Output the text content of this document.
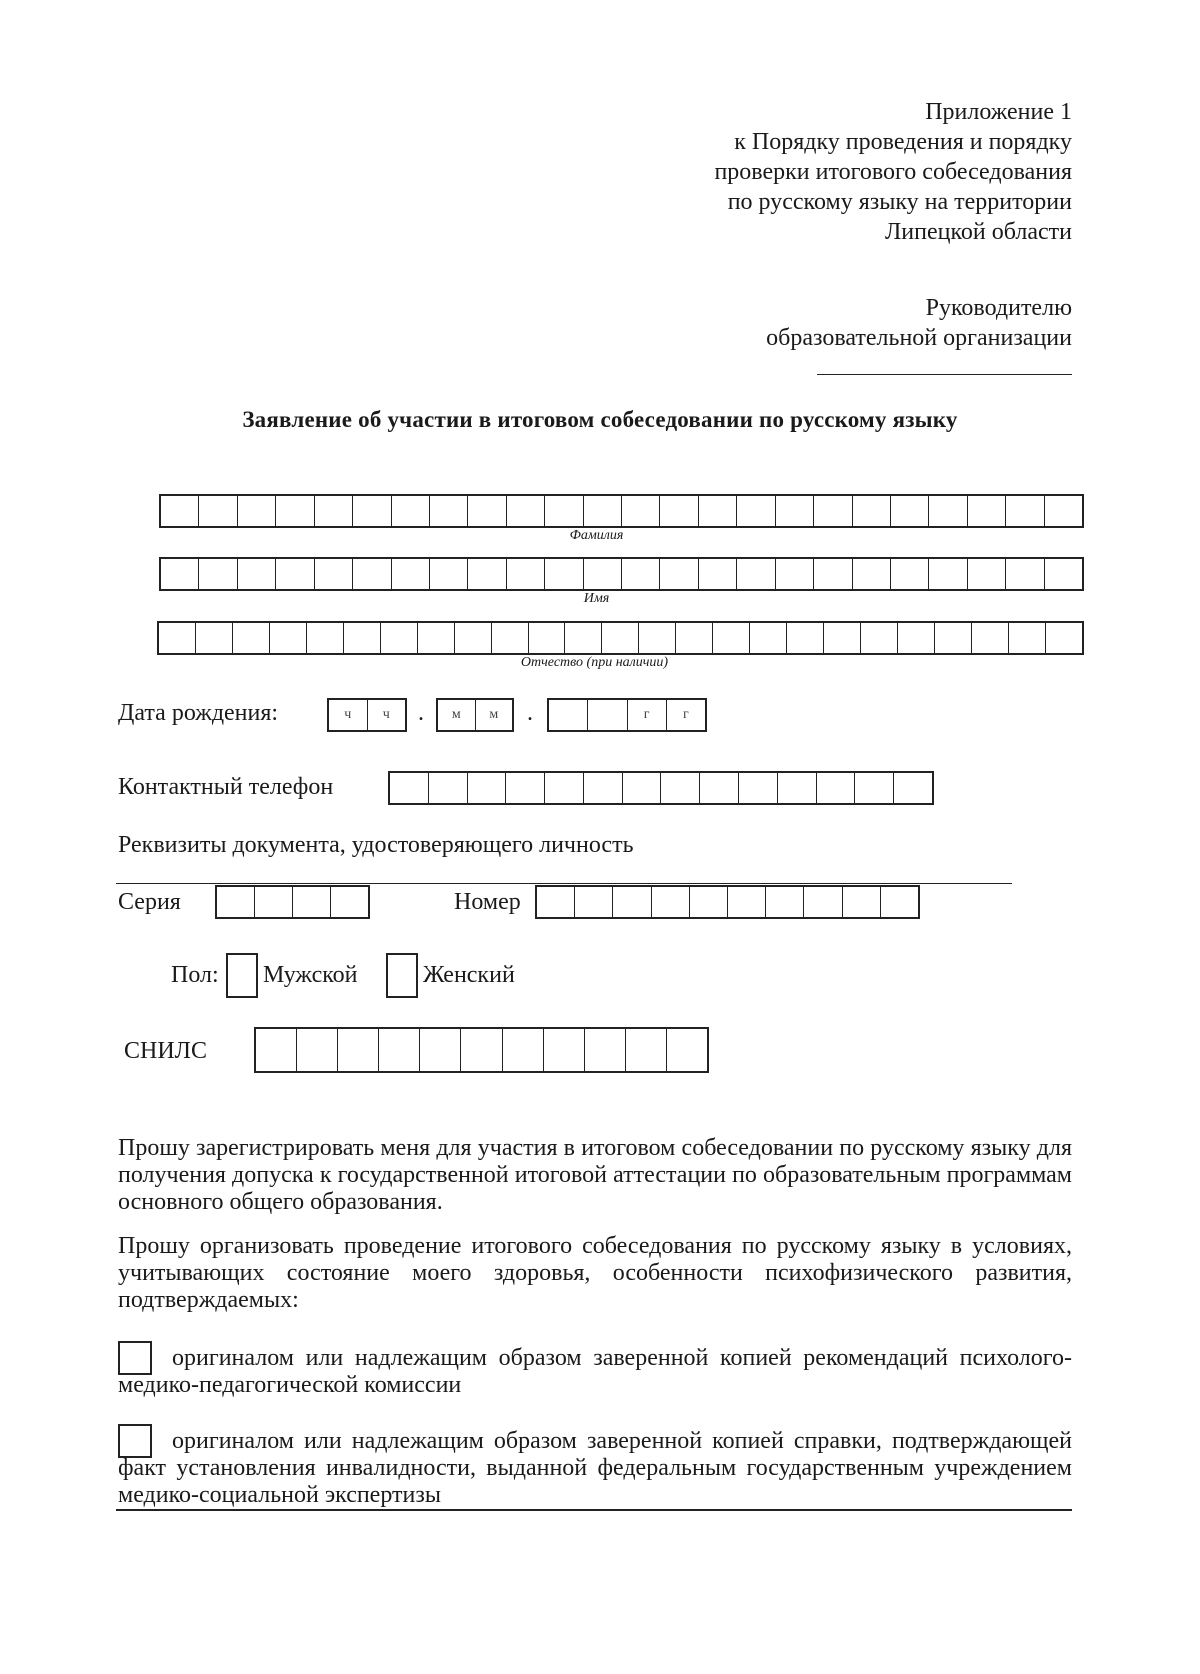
Приложение 1
к Порядку проведения и порядку
проверки итогового собеседования
по русскому языку на территории
Липецкой области
Руководителю
образовательной организации
Заявление об участии в итоговом собеседовании по русскому языку
Фамилия
Имя
Отчество (при наличии)
Дата рождения:	ч	ч	.	м	м	.	г	г
Контактный телефон
Реквизиты документа, удостоверяющего личность
Серия	Номер
Пол: Мужской	Женский
СНИЛС
Прошу зарегистрировать меня для участия в итоговом собеседовании по русскому языку для получения допуска к государственной итоговой аттестации по образовательным программам основного общего образования.
Прошу организовать проведение итогового собеседования по русскому языку в условиях, учитывающих состояние моего здоровья, особенности психофизического развития, подтверждаемых:
оригиналом или надлежащим образом заверенной копией рекомендаций психолого-медико-педагогической комиссии
оригиналом или надлежащим образом заверенной копией справки, подтверждающей факт установления инвалидности, выданной федеральным государственным учреждением медико-социальной экспертизы
